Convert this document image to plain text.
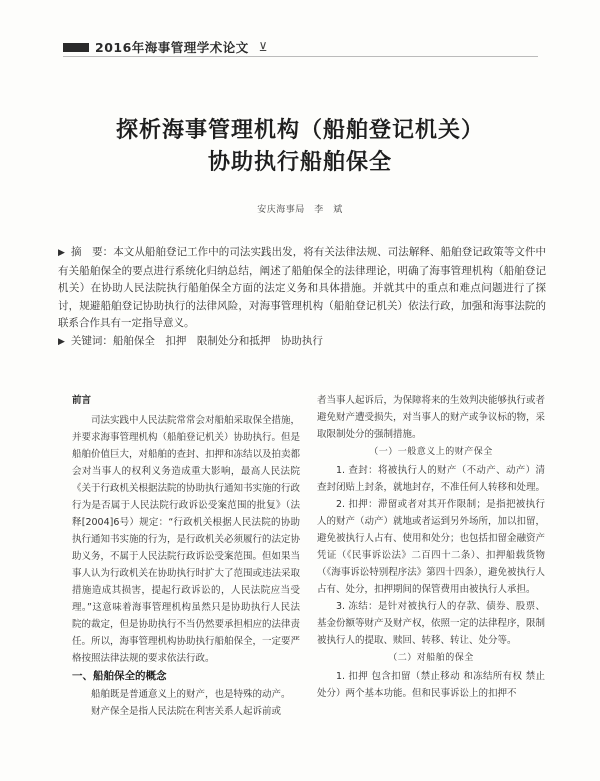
2016年海事管理学术论文 ⊻
探析海事管理机构（船舶登记机关）
协助执行船舶保全
安庆海事局　李　斌

▶ 摘　要：本文从船舶登记工作中的司法实践出发，将有关法律法规、司法解释、船舶登记政策等文件中有关船舶保全的要点进行系统化归纳总结，阐述了船舶保全的法律理论，明确了海事管理机构（船舶登记机关）在协助人民法院执行船舶保全方面的法定义务和具体措施。并就其中的重点和难点问题进行了探讨，规避船舶登记协助执行的法律风险，对海事管理机构（船舶登记机关）依法行政，加强和海事法院的联系合作具有一定指导意义。

▶ 关键词：船舶保全　扣押　限制处分和抵押　协助执行

前言

司法实践中人民法院常常会对船舶采取保全措施，并要求海事管理机构（船舶登记机关）协助执行。但是船舶价值巨大，对船舶的查封、扣押和冻结以及拍卖都会对当事人的权利义务造成重大影响，最高人民法院《关于行政机关根据法院的协助执行通知书实施的行政行为是否属于人民法院行政诉讼受案范围的批复》（法释[2004]6号）规定：“行政机关根据人民法院的协助执行通知书实施的行为，是行政机关必须履行的法定协助义务，不属于人民法院行政诉讼受案范围。但如果当事人认为行政机关在协助执行时扩大了范围或违法采取措施造成其损害，提起行政诉讼的，人民法院应当受理。”这意味着海事管理机构虽然只是协助执行人民法院的裁定，但是协助执行不当仍然要承担相应的法律责任。所以，海事管理机构协助执行船舶保全，一定要严格按照法律法规的要求依法行政。

一、船舶保全的概念

船舶既是普通意义上的财产，也是特殊的动产。

财产保全是指人民法院在利害关系人起诉前或

者当事人起诉后，为保障将来的生效判决能够执行或者避免财产遭受损失，对当事人的财产或争议标的物，采取限制处分的强制措施。

（一）一般意义上的财产保全

1. 查封：将被执行人的财产（不动产、动产）清查封闭贴上封条，就地封存，不准任何人转移和处理。

2. 扣押：滞留或者对其开作限制；是指把被执行人的财产（动产）就地或者运到另外场所，加以扣留，避免被执行人占有、使用和处分；也包括扣留金融资产凭证（《民事诉讼法》二百四十二条）、扣押船载货物（《海事诉讼特别程序法》第四十四条），避免被执行人占有、处分，扣押期间的保管费用由被执行人承担。

3. 冻结：是针对被执行人的存款、债券、股票、基金份额等财产及财产权，依照一定的法律程序，限制被执行人的提取、赎回、转移、转让、处分等。

（二）对船舶的保全

1. 扣押 包含扣留（禁止移动 和冻结所有权 禁止处分）两个基本功能。但和民事诉讼上的扣押不
